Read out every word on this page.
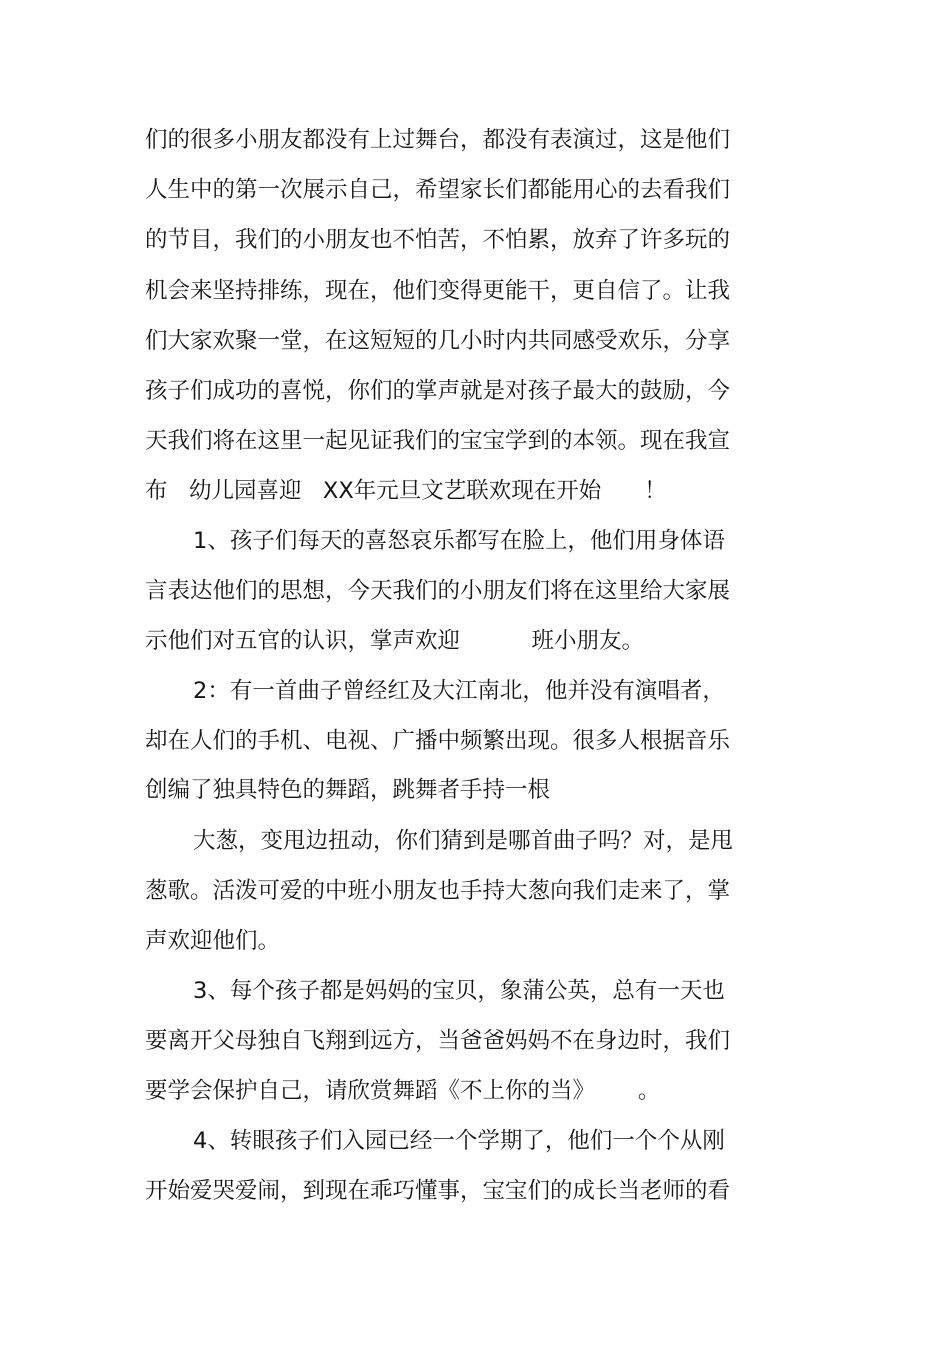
们的很多小朋友都没有上过舞台，都没有表演过，这是他们
人生中的第一次展示自己，希望家长们都能用心的去看我们
的节目，我们的小朋友也不怕苦，不怕累，放弃了许多玩的
机会来坚持排练，现在，他们变得更能干，更自信了。让我
们大家欢聚一堂，在这短短的几小时内共同感受欢乐，分享
孩子们成功的喜悦，你们的掌声就是对孩子最大的鼓励，今
天我们将在这里一起见证我们的宝宝学到的本领。现在我宣
布   幼儿园喜迎   XX年元旦文艺联欢现在开始      ！
1、孩子们每天的喜怒哀乐都写在脸上，他们用身体语
言表达他们的思想，今天我们的小朋友们将在这里给大家展
示他们对五官的认识，掌声欢迎          班小朋友。
2：有一首曲子曾经红及大江南北，他并没有演唱者，
却在人们的手机、电视、广播中频繁出现。很多人根据音乐
创编了独具特色的舞蹈，跳舞者手持一根
大葱，变甩边扭动，你们猜到是哪首曲子吗？对，是甩
葱歌。活泼可爱的中班小朋友也手持大葱向我们走来了，掌
声欢迎他们。
3、每个孩子都是妈妈的宝贝，象蒲公英，总有一天也
要离开父母独自飞翔到远方，当爸爸妈妈不在身边时，我们
要学会保护自己，请欣赏舞蹈《不上你的当》      。
4、转眼孩子们入园已经一个学期了，他们一个个从刚
开始爱哭爱闹，到现在乖巧懂事，宝宝们的成长当老师的看
